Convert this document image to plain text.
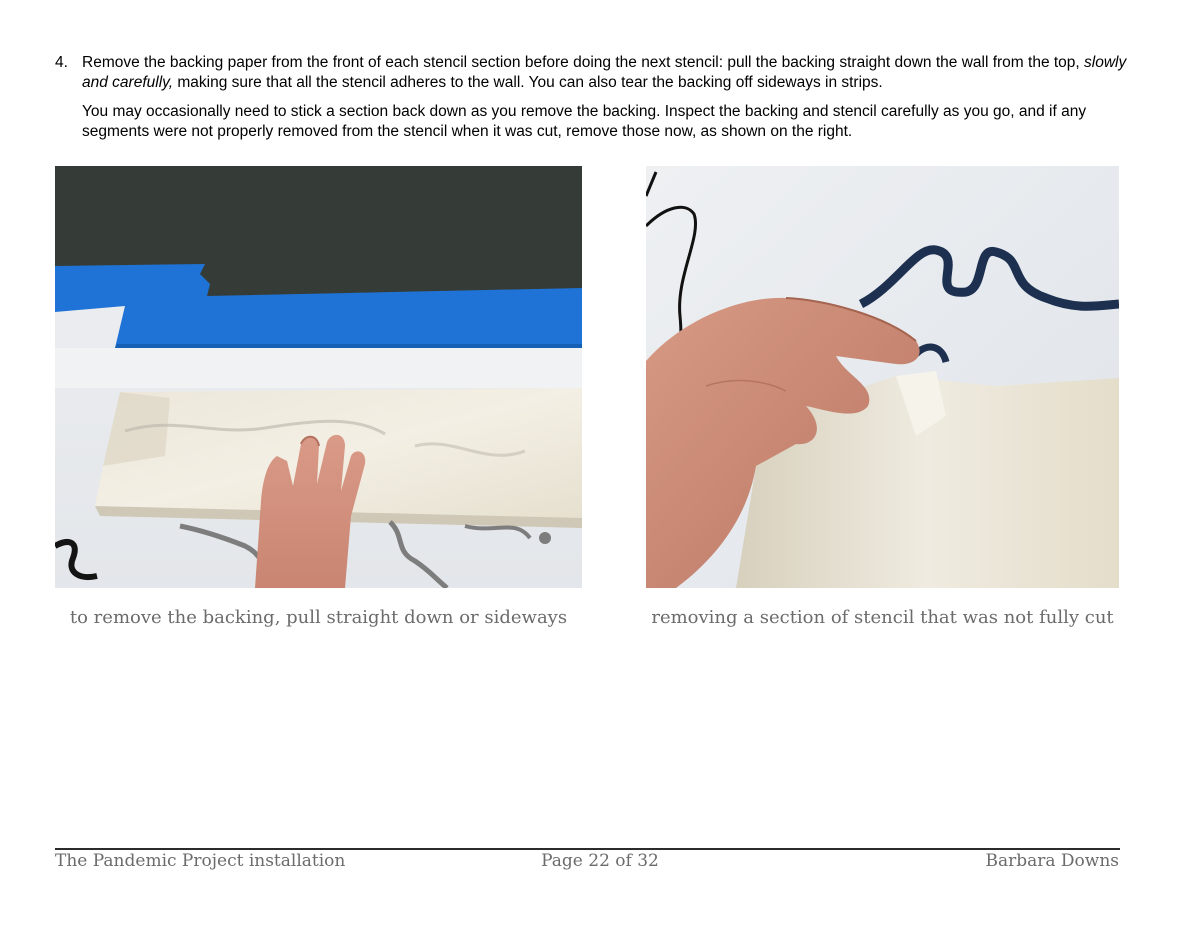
4. Remove the backing paper from the front of each stencil section before doing the next stencil: pull the backing straight down the wall from the top, slowly and carefully, making sure that all the stencil adheres to the wall. You can also tear the backing off sideways in strips.

You may occasionally need to stick a section back down as you remove the backing. Inspect the backing and stencil carefully as you go, and if any segments were not properly removed from the stencil when it was cut, remove those now, as shown on the right.

to remove the backing, pull straight down or sideways	removing a section of stencil that was not fully cut
The Pandemic Project installation	Page 22 of 32	Barbara Downs
